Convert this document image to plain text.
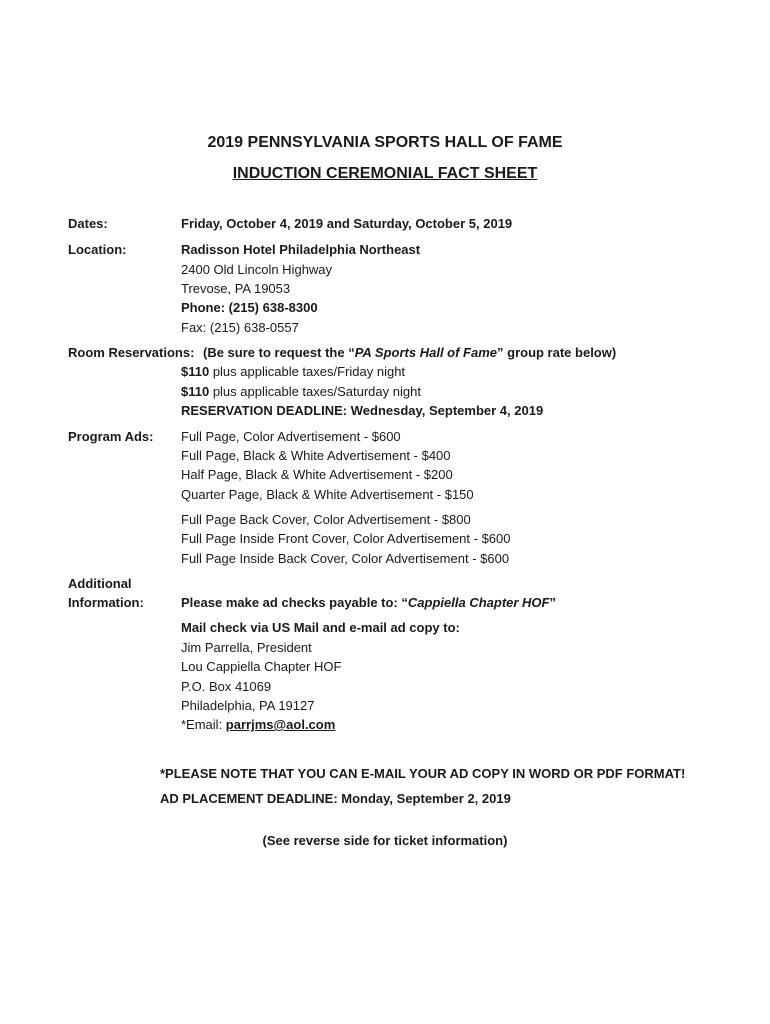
2019 PENNSYLVANIA SPORTS HALL OF FAME
INDUCTION CEREMONIAL FACT SHEET
Dates:	Friday, October 4, 2019 and Saturday, October 5, 2019
Location:	Radisson Hotel Philadelphia Northeast
2400 Old Lincoln Highway
Trevose, PA 19053
Phone: (215) 638-8300
Fax: (215) 638-0557
Room Reservations: (Be sure to request the “PA Sports Hall of Fame” group rate below)
$110 plus applicable taxes/Friday night
$110 plus applicable taxes/Saturday night
RESERVATION DEADLINE: Wednesday, September 4, 2019
Program Ads: Full Page, Color Advertisement - $600
Full Page, Black & White Advertisement - $400
Half Page, Black & White Advertisement - $200
Quarter Page, Black & White Advertisement - $150
Full Page Back Cover, Color Advertisement - $800
Full Page Inside Front Cover, Color Advertisement - $600
Full Page Inside Back Cover, Color Advertisement - $600
Additional
Information:	Please make ad checks payable to: “Cappiella Chapter HOF”
Mail check via US Mail and e-mail ad copy to:
Jim Parrella, President
Lou Cappiella Chapter HOF
P.O. Box 41069
Philadelphia, PA 19127
*Email: parrjms@aol.com
*PLEASE NOTE THAT YOU CAN E-MAIL YOUR AD COPY IN WORD OR PDF FORMAT!
AD PLACEMENT DEADLINE: Monday, September 2, 2019
(See reverse side for ticket information)
